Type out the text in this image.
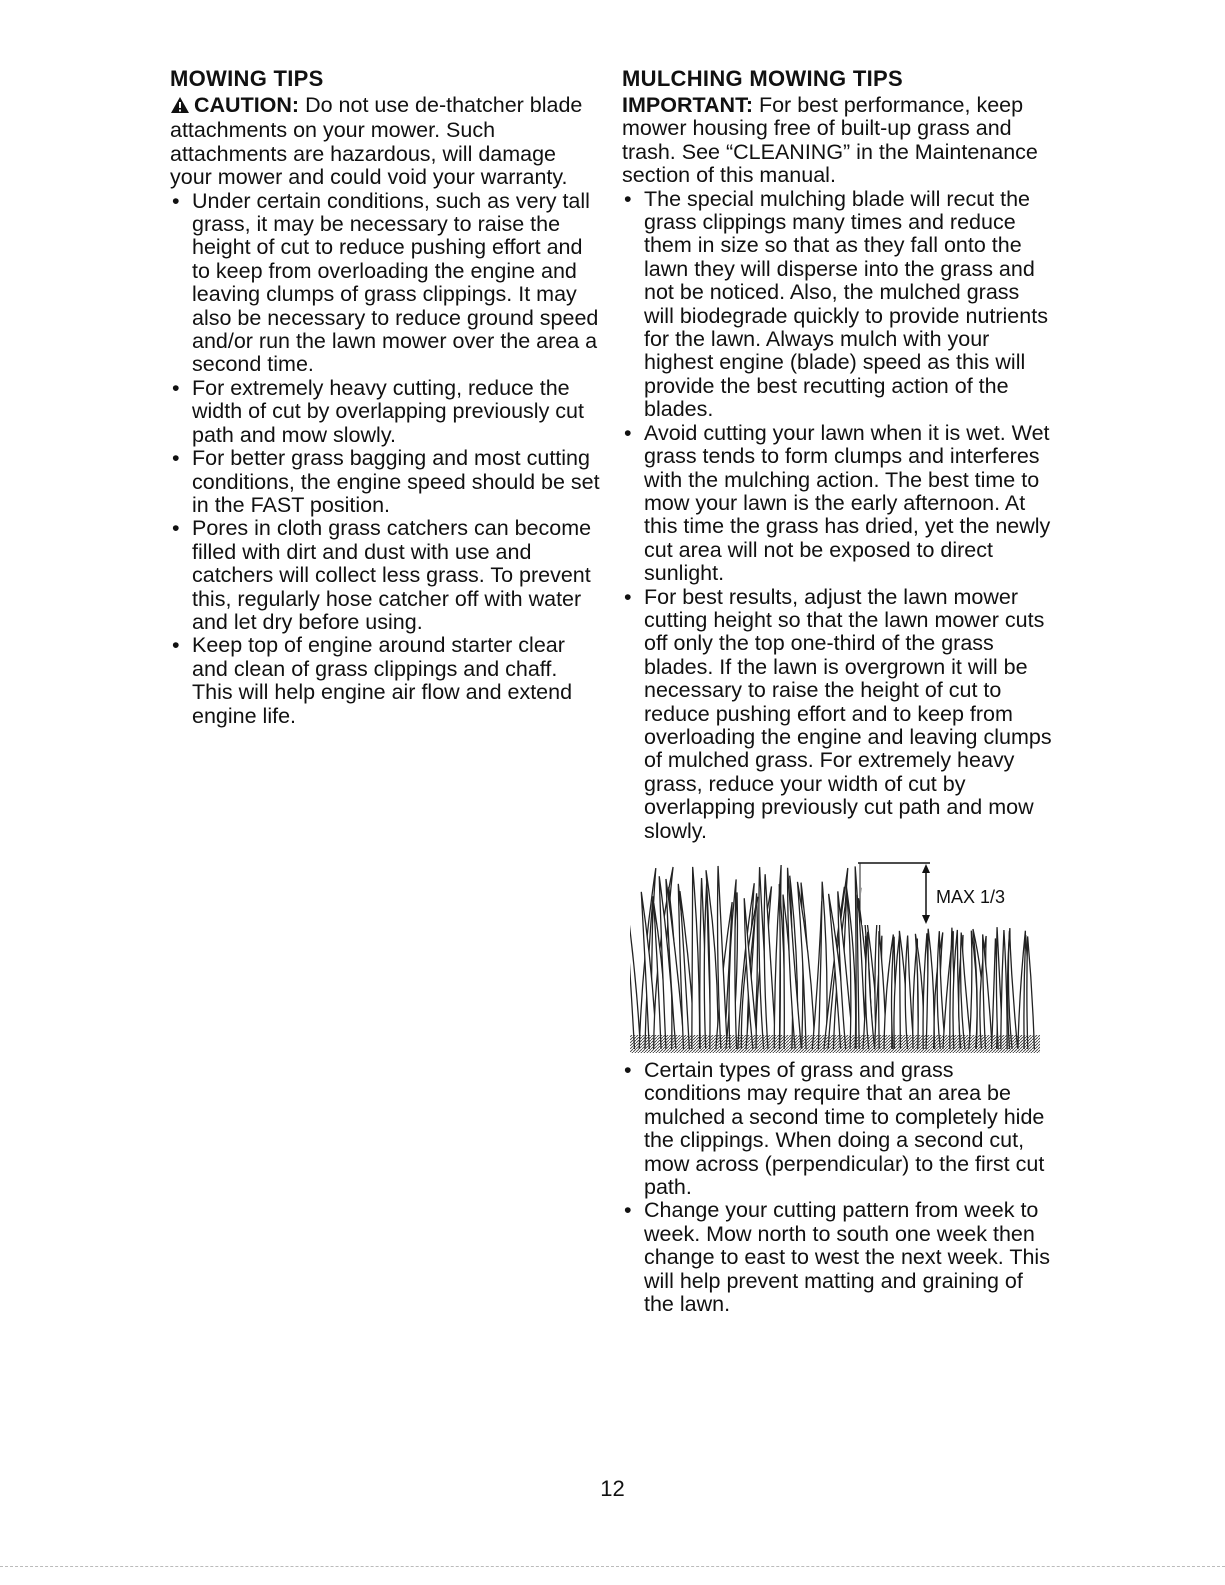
MOWING TIPS

CAUTION: Do not use de-thatcher blade attachments on your mower. Such attachments are hazardous, will damage your mower and could void your warranty.

• Under certain conditions, such as very tall grass, it may be necessary to raise the height of cut to reduce pushing effort and to keep from overloading the engine and leaving clumps of grass clippings. It may also be necessary to reduce ground speed and/or run the lawn mower over the area a second time.
• For extremely heavy cutting, reduce the width of cut by overlapping previously cut path and mow slowly.
• For better grass bagging and most cutting conditions, the engine speed should be set in the FAST position.
• Pores in cloth grass catchers can become filled with dirt and dust with use and catchers will collect less grass. To prevent this, regularly hose catcher off with water and let dry before using.
• Keep top of engine around starter clear and clean of grass clippings and chaff. This will help engine air flow and extend engine life.
MULCHING MOWING TIPS

IMPORTANT: For best performance, keep mower housing free of built-up grass and trash. See “CLEANING” in the Maintenance section of this manual.

• The special mulching blade will recut the grass clippings many times and reduce them in size so that as they fall onto the lawn they will disperse into the grass and not be noticed. Also, the mulched grass will biodegrade quickly to provide nutrients for the lawn. Always mulch with your highest engine (blade) speed as this will provide the best recutting action of the blades.
• Avoid cutting your lawn when it is wet. Wet grass tends to form clumps and interferes with the mulching action. The best time to mow your lawn is the early afternoon. At this time the grass has dried, yet the newly cut area will not be exposed to direct sunlight.
• For best results, adjust the lawn mower cutting height so that the lawn mower cuts off only the top one-third of the grass blades. If the lawn is overgrown it will be necessary to raise the height of cut to reduce pushing effort and to keep from overloading the engine and leaving clumps of mulched grass. For extremely heavy grass, reduce your width of cut by overlapping previously cut path and mow slowly.
MAX 1/3
• Certain types of grass and grass conditions may require that an area be mulched a second time to completely hide the clippings. When doing a second cut, mow across (perpendicular) to the first cut path.
• Change your cutting pattern from week to week. Mow north to south one week then change to east to west the next week. This will help prevent matting and graining of the lawn.
12
